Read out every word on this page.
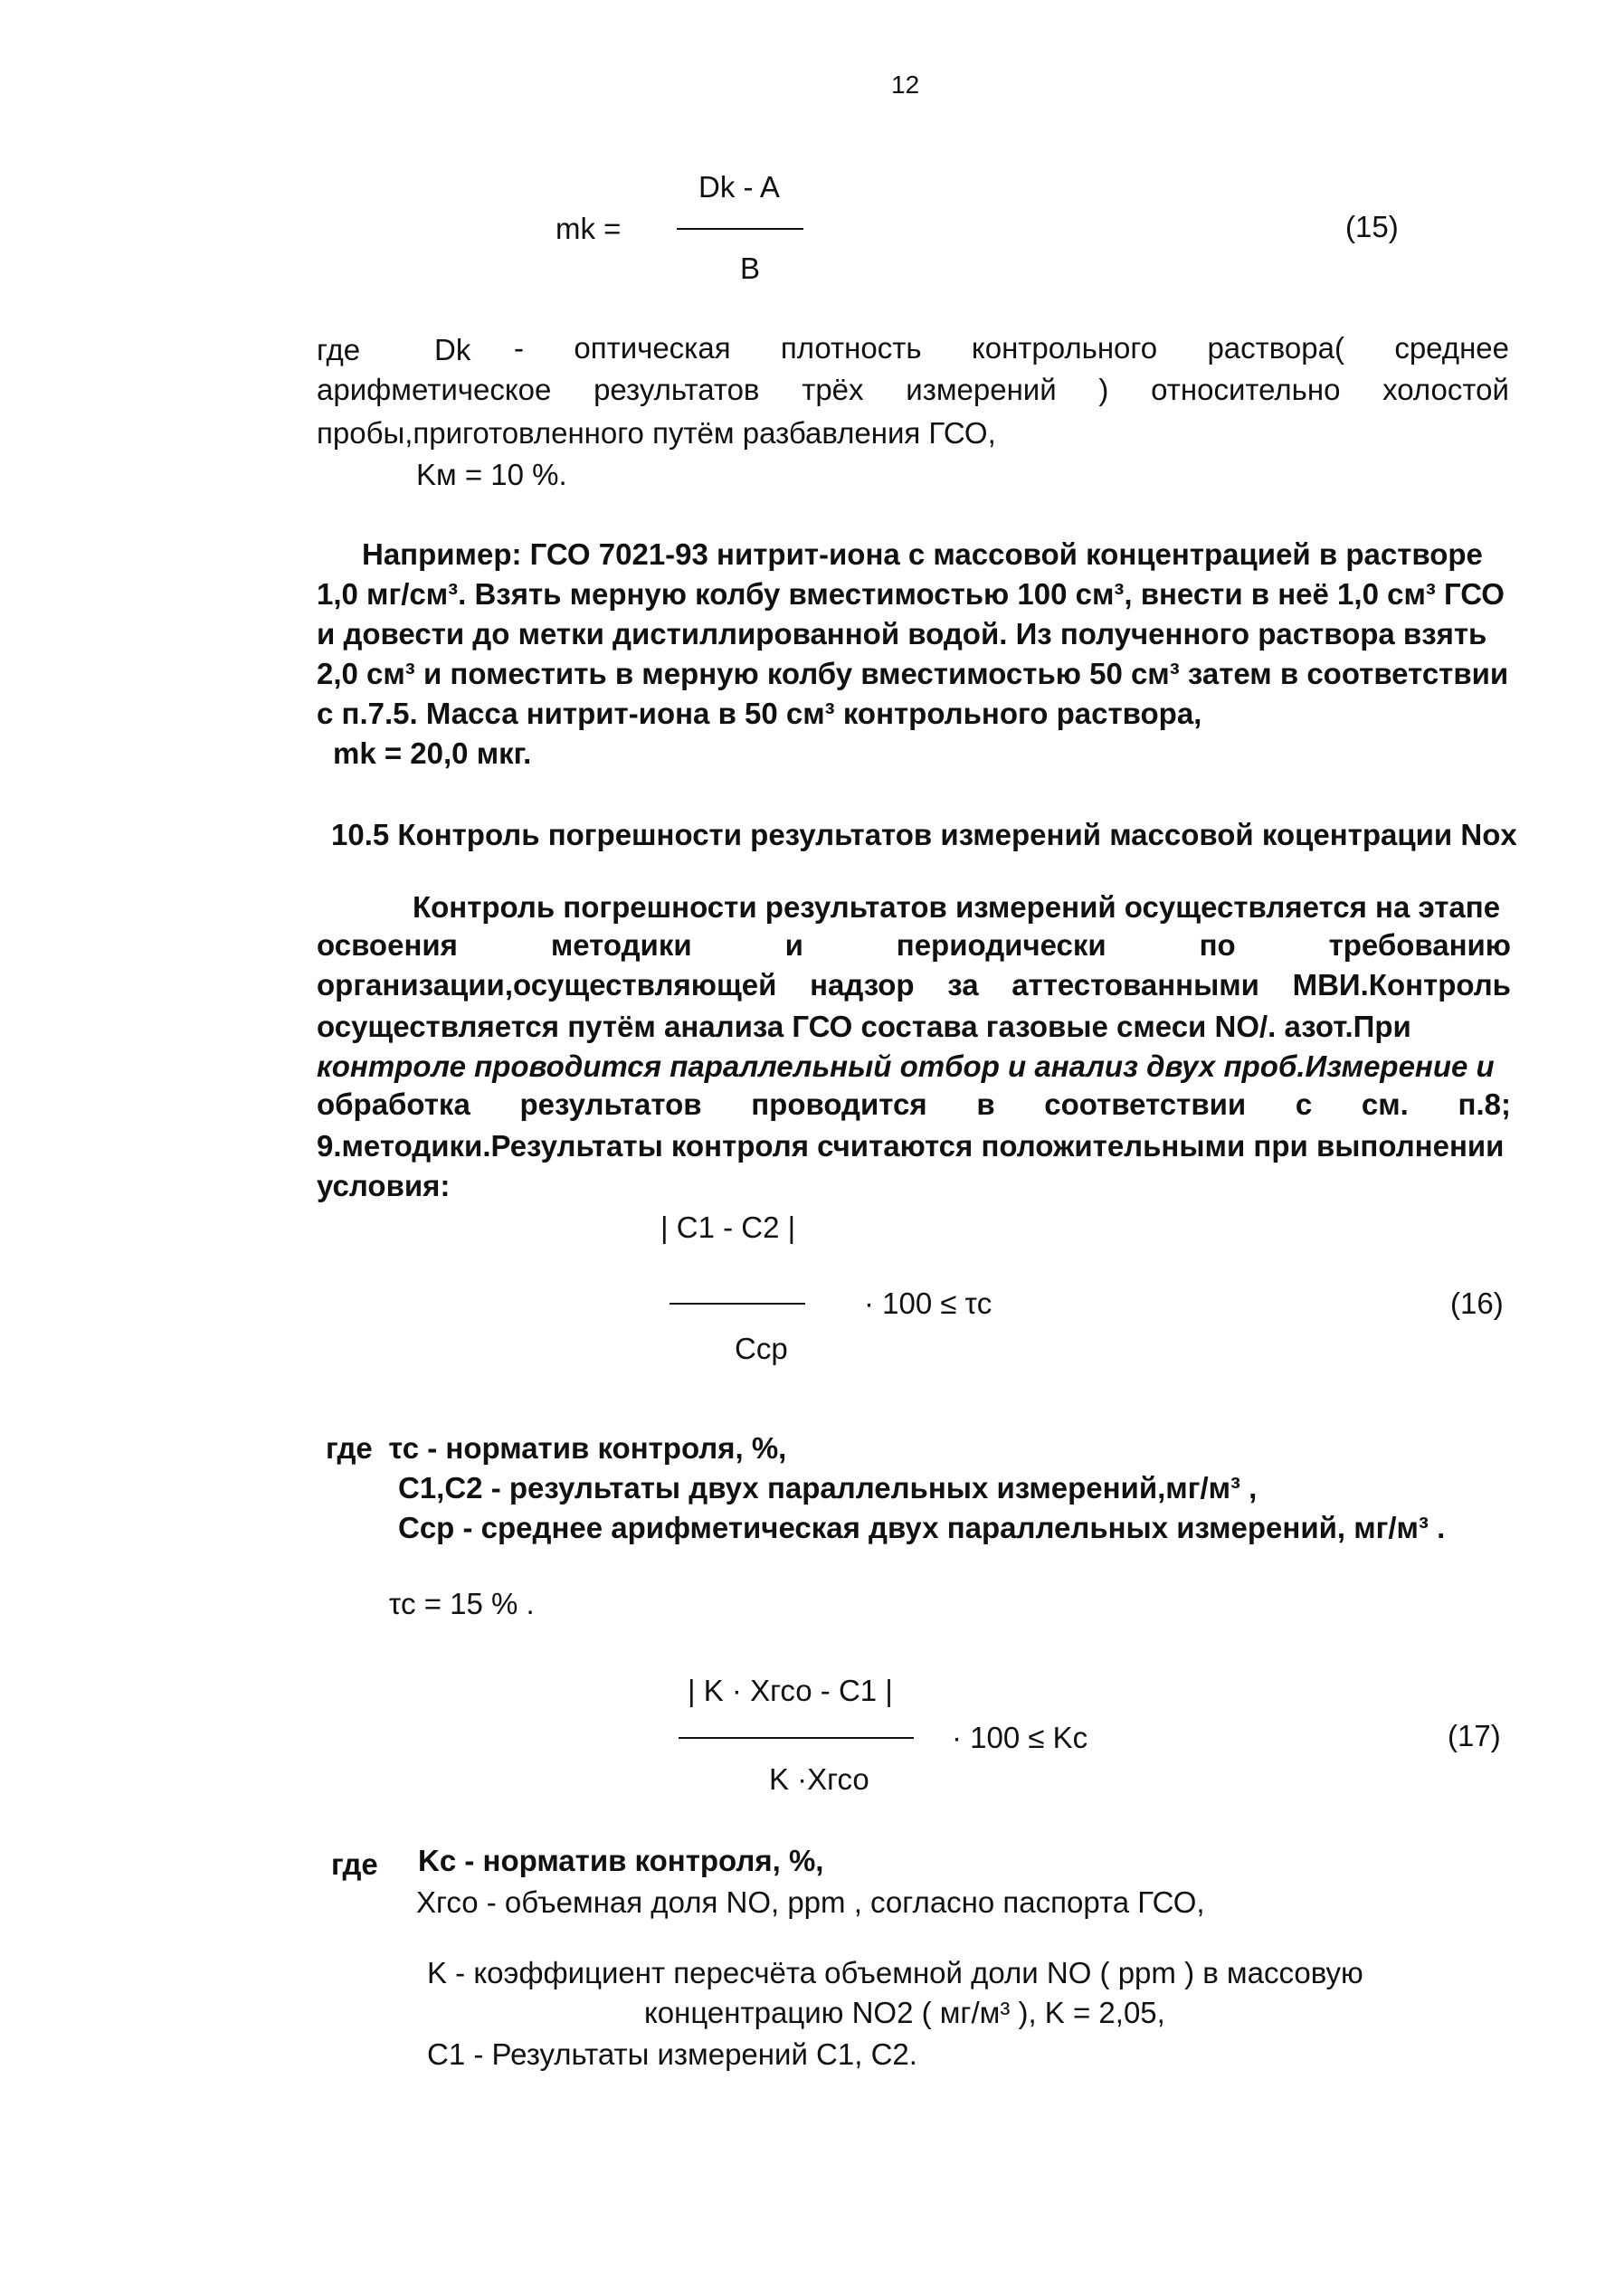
12
mk =
Dk - A
B
(15)
где Dk - оптическая плотность контрольного раствора( среднее
арифметическое результатов трёх измерений ) относительно холостой
пробы,приготовленного путём разбавления ГСО,
Kм = 10 %.
Например: ГСО 7021-93 нитрит-иона с массовой концентрацией в растворе
1,0 мг/см³. Взять мерную колбу вместимостью 100 см³, внести в неё 1,0 см³ ГСО
и довести до метки дистиллированной водой. Из полученного раствора взять
2,0 см³ и поместить в мерную колбу вместимостью 50 см³ затем в соответствии
с п.7.5. Масса нитрит-иона в 50 см³ контрольного раствора,
mk = 20,0 мкг.
10.5 Контроль погрешности результатов измерений массовой коцентрации Nox
Контроль погрешности результатов измерений осуществляется на этапе
освоения	методики	и	периодически	по	требованию
организации,осуществляющей надзор за аттестованными МВИ.Контроль
осуществляется путём анализа ГСО состава газовые смеси NO/. азот.При
контроле проводится параллельный отбор и анализ двух проб.Измерение и
обработка результатов проводится в соответствии с см. п.8;
9.методики.Результаты контроля считаются положительными при выполнении
условия:
| C1 - C2 |
· 100 ≤ τc
Cср
(16)
где τc - норматив контроля, %,
C1,C2 - результаты двух параллельных измерений,мг/м³ ,
Cср - среднее арифметическая двух параллельных измерений, мг/м³ .
τc = 15 % .
| K · Xгсо - C1 |
· 100 ≤ Kc
K ·Xгсо
(17)
где Kc - норматив контроля, %,
Xгсо - объемная доля NO, ppm , согласно паспорта ГСО,
K - коэффициент пересчёта объемной доли NO ( ppm ) в массовую
концентрацию NO2 ( мг/м³ ), K = 2,05,
C1 - Результаты измерений C1, C2.
